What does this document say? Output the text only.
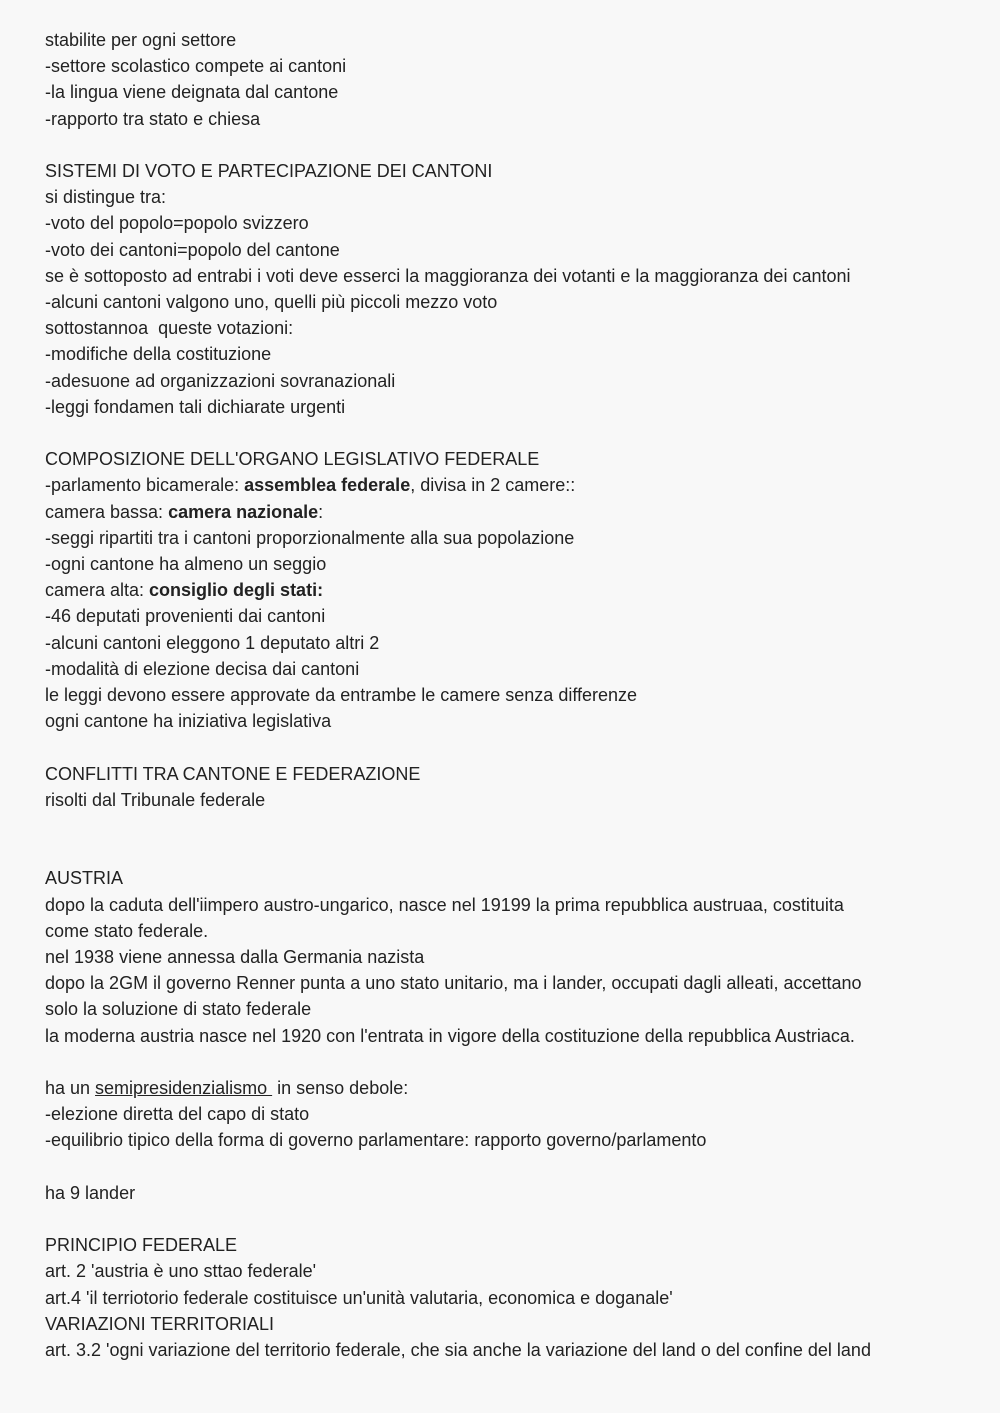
stabilite per ogni settore
-settore scolastico compete ai cantoni
-la lingua viene deignata dal cantone
-rapporto tra stato e chiesa
SISTEMI DI VOTO E PARTECIPAZIONE DEI CANTONI
si distingue tra:
-voto del popolo=popolo svizzero
-voto dei cantoni=popolo del cantone
se è sottoposto ad entrabi i voti deve esserci la maggioranza dei votanti e la maggioranza dei cantoni
-alcuni cantoni valgono uno, quelli più piccoli mezzo voto
sottostannoa  queste votazioni:
-modifiche della costituzione
-adesuone ad organizzazioni sovranazionali
-leggi fondamen tali dichiarate urgenti
COMPOSIZIONE DELL'ORGANO LEGISLATIVO FEDERALE
-parlamento bicamerale: assemblea federale, divisa in 2 camere::
camera bassa: camera nazionale:
-seggi ripartiti tra i cantoni proporzionalmente alla sua popolazione
-ogni cantone ha almeno un seggio
camera alta: consiglio degli stati:
-46 deputati provenienti dai cantoni
-alcuni cantoni eleggono 1 deputato altri 2
-modalità di elezione decisa dai cantoni
le leggi devono essere approvate da entrambe le camere senza differenze
ogni cantone ha iniziativa legislativa
CONFLITTI TRA CANTONE E FEDERAZIONE
risolti dal Tribunale federale
AUSTRIA
dopo la caduta dell'iimpero austro-ungarico, nasce nel 19199 la prima repubblica austruaa, costituita
come stato federale.
nel 1938 viene annessa dalla Germania nazista
dopo la 2GM il governo Renner punta a uno stato unitario, ma i lander, occupati dagli alleati, accettano
solo la soluzione di stato federale
la moderna austria nasce nel 1920 con l'entrata in vigore della costituzione della repubblica Austriaca.
ha un semipresidenzialismo  in senso debole:
-elezione diretta del capo di stato
-equilibrio tipico della forma di governo parlamentare: rapporto governo/parlamento
ha 9 lander
PRINCIPIO FEDERALE
art. 2 'austria è uno sttao federale'
art.4 'il terriotorio federale costituisce un'unità valutaria, economica e doganale'
VARIAZIONI TERRITORIALI
art. 3.2 'ogni variazione del territorio federale, che sia anche la variazione del land o del confine del land
